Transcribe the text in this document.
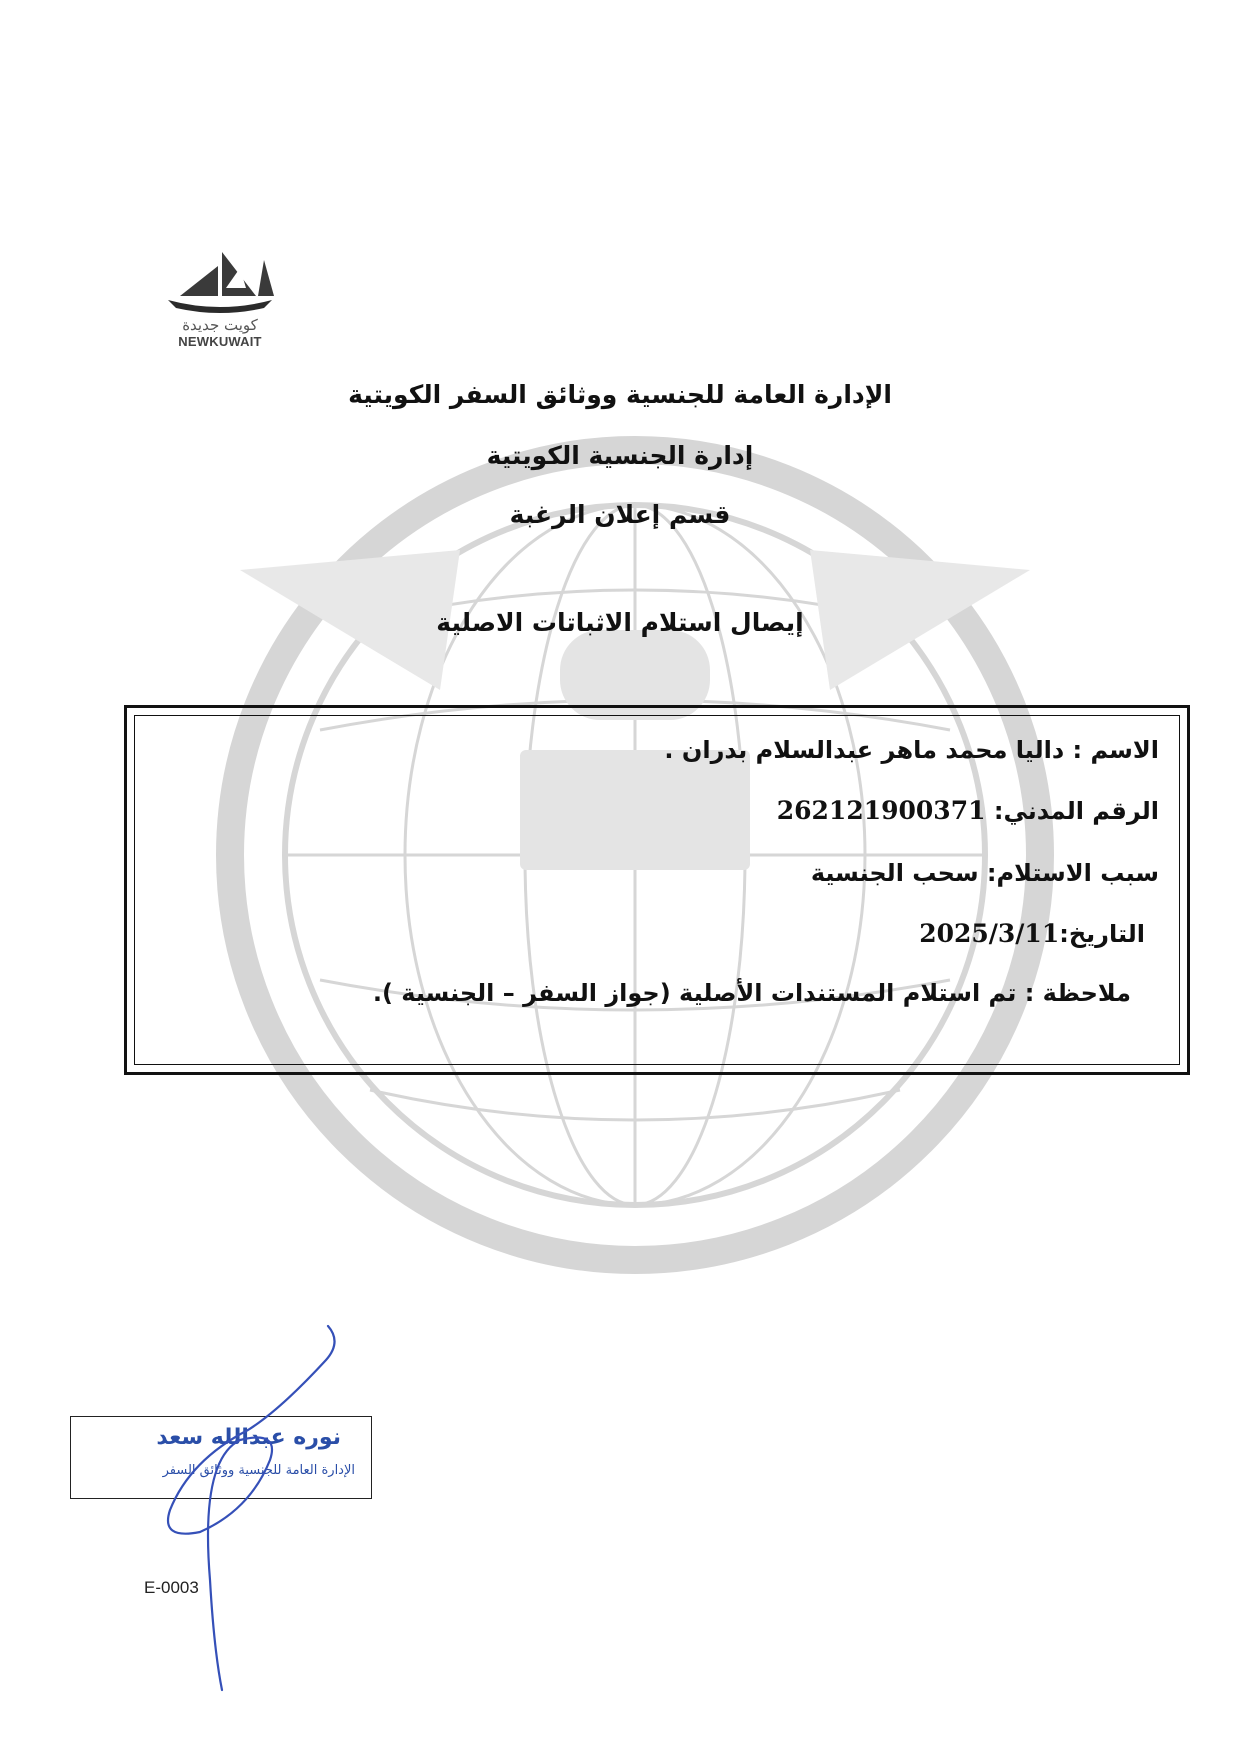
كويت جديدة
NEWKUWAIT
الإدارة العامة للجنسية ووثائق السفر الكويتية
إدارة الجنسية الكويتية
قسم إعلان الرغبة
إيصال استلام الاثباتات الاصلية
الاسم : داليا محمد ماهر عبدالسلام بدران .
الرقم المدني: 262121900371
سبب الاستلام: سحب الجنسية
التاريخ:2025/3/11
ملاحظة : تم استلام المستندات الأصلية (جواز السفر – الجنسية ).
نوره عبدالله سعد
الإدارة العامة للجنسية ووثائق السفر
E-0003
